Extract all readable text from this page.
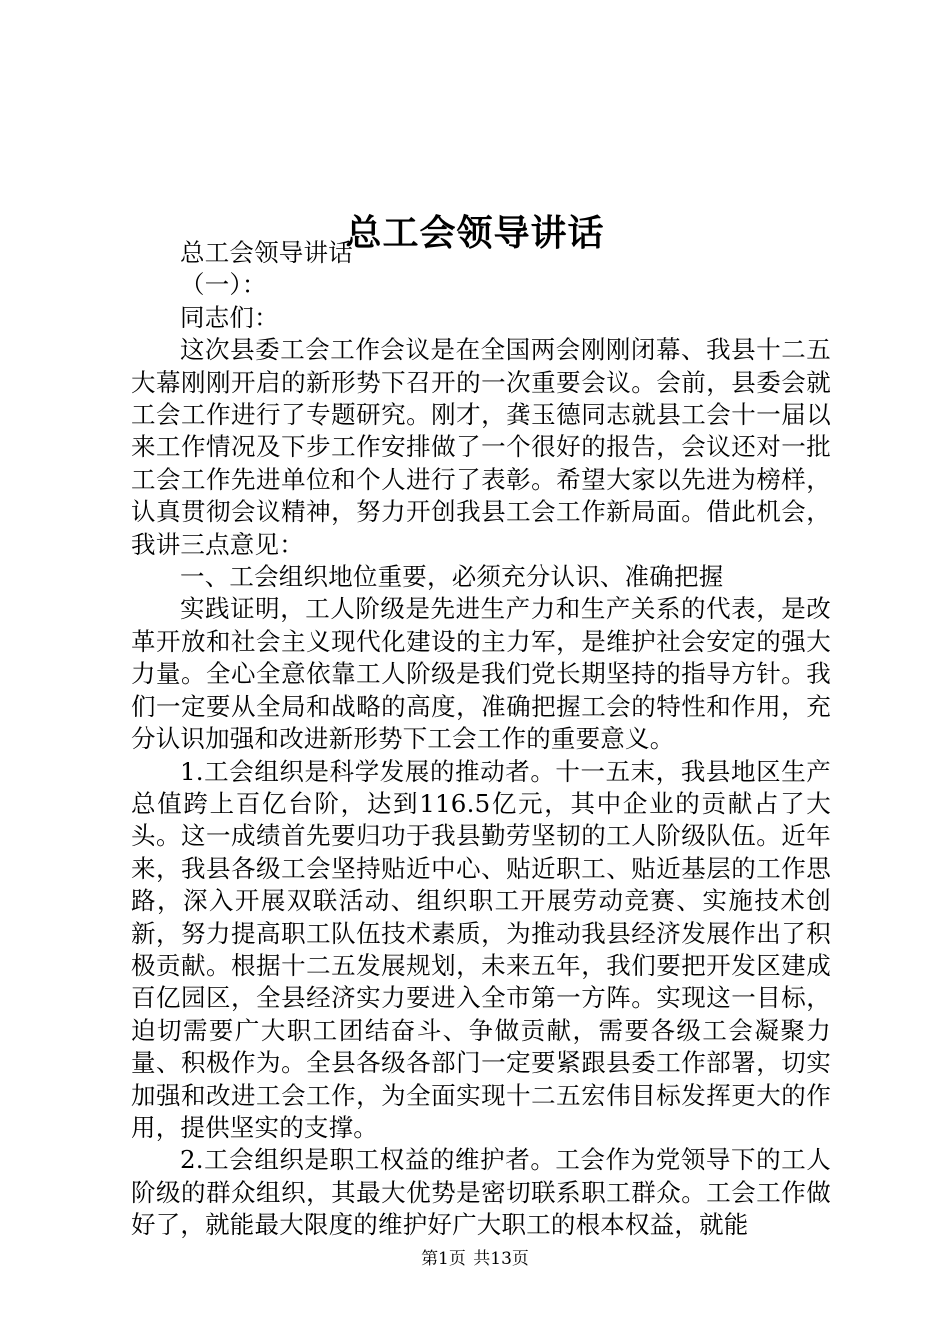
总工会领导讲话

总工会领导讲话

（一）：

同志们：

这次县委工会工作会议是在全国两会刚刚闭幕、我县十二五大幕刚刚开启的新形势下召开的一次重要会议。会前，县委会就工会工作进行了专题研究。刚才，龚玉德同志就县工会十一届以来工作情况及下步工作安排做了一个很好的报告，会议还对一批工会工作先进单位和个人进行了表彰。希望大家以先进为榜样，认真贯彻会议精神，努力开创我县工会工作新局面。借此机会，我讲三点意见：

一、工会组织地位重要，必须充分认识、准确把握

实践证明，工人阶级是先进生产力和生产关系的代表，是改革开放和社会主义现代化建设的主力军，是维护社会安定的强大力量。全心全意依靠工人阶级是我们党长期坚持的指导方针。我们一定要从全局和战略的高度，准确把握工会的特性和作用，充分认识加强和改进新形势下工会工作的重要意义。

1.工会组织是科学发展的推动者。十一五末，我县地区生产总值跨上百亿台阶，达到116.5亿元，其中企业的贡献占了大头。这一成绩首先要归功于我县勤劳坚韧的工人阶级队伍。近年来，我县各级工会坚持贴近中心、贴近职工、贴近基层的工作思路，深入开展双联活动、组织职工开展劳动竞赛、实施技术创新，努力提高职工队伍技术素质，为推动我县经济发展作出了积极贡献。根据十二五发展规划，未来五年，我们要把开发区建成百亿园区，全县经济实力要进入全市第一方阵。实现这一目标，迫切需要广大职工团结奋斗、争做贡献，需要各级工会凝聚力量、积极作为。全县各级各部门一定要紧跟县委工作部署，切实加强和改进工会工作，为全面实现十二五宏伟目标发挥更大的作用，提供坚实的支撑。

2.工会组织是职工权益的维护者。工会作为党领导下的工人阶级的群众组织，其最大优势是密切联系职工群众。工会工作做好了，就能最大限度的维护好广大职工的根本权益，就能

第1页 共13页
